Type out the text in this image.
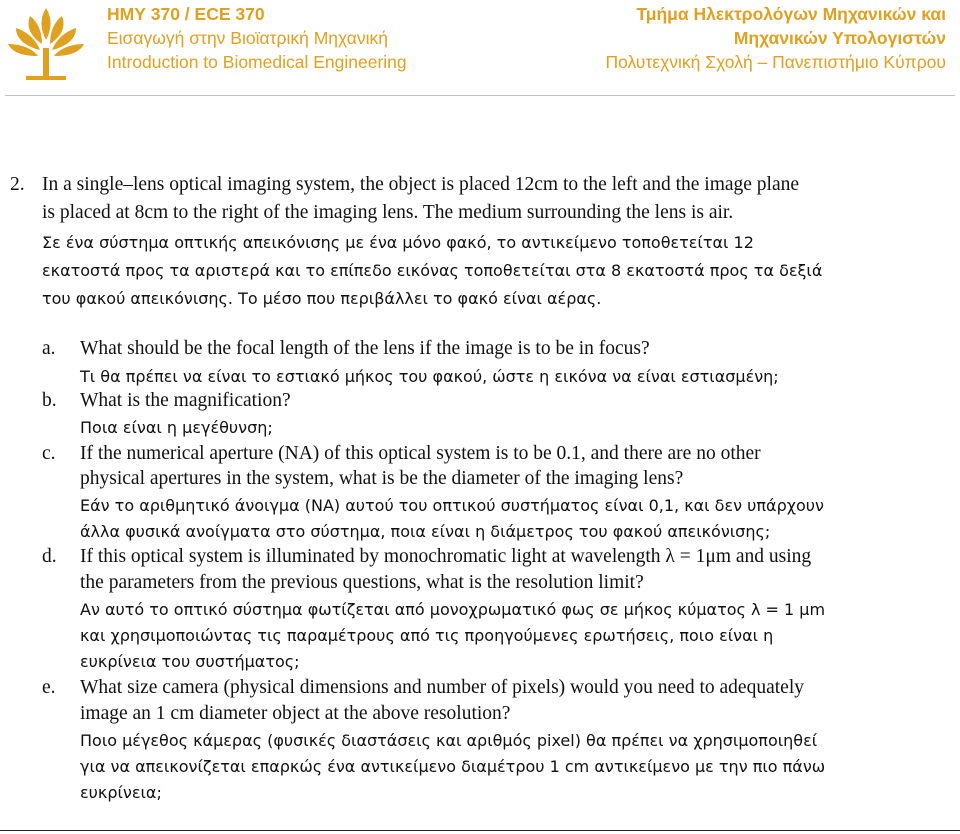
ΗΜΥ 370 / ECE 370
Εισαγωγή στην Βιοϊατρική Μηχανική
Introduction to Biomedical Engineering
Τμήμα Ηλεκτρολόγων Μηχανικών και
Μηχανικών Υπολογιστών
Πολυτεχνική Σχολή – Πανεπιστήμιο Κύπρου
2. In a single–lens optical imaging system, the object is placed 12cm to the left and the image plane
is placed at 8cm to the right of the imaging lens. The medium surrounding the lens is air.
Σε ένα σύστημα οπτικής απεικόνισης με ένα μόνο φακό, το αντικείμενο τοποθετείται 12
εκατοστά προς τα αριστερά και το επίπεδο εικόνας τοποθετείται στα 8 εκατοστά προς τα δεξιά
του φακού απεικόνισης. Το μέσο που περιβάλλει το φακό είναι αέρας.
a. What should be the focal length of the lens if the image is to be in focus?
Τι θα πρέπει να είναι το εστιακό μήκος του φακού, ώστε η εικόνα να είναι εστιασμένη;
b. What is the magnification?
Ποια είναι η μεγέθυνση;
c. If the numerical aperture (NA) of this optical system is to be 0.1, and there are no other
physical apertures in the system, what is be the diameter of the imaging lens?
Εάν το αριθμητικό άνοιγμα (NA) αυτού του οπτικού συστήματος είναι 0,1, και δεν υπάρχουν
άλλα φυσικά ανοίγματα στο σύστημα, ποια είναι η διάμετρος του φακού απεικόνισης;
d. If this optical system is illuminated by monochromatic light at wavelength λ = 1μm and using
the parameters from the previous questions, what is the resolution limit?
Αν αυτό το οπτικό σύστημα φωτίζεται από μονοχρωματικό φως σε μήκος κύματος λ = 1 μm
και χρησιμοποιώντας τις παραμέτρους από τις προηγούμενες ερωτήσεις, ποιο είναι η
ευκρίνεια του συστήματος;
e. What size camera (physical dimensions and number of pixels) would you need to adequately
image an 1 cm diameter object at the above resolution?
Ποιο μέγεθος κάμερας (φυσικές διαστάσεις και αριθμός pixel) θα πρέπει να χρησιμοποιηθεί
για να απεικονίζεται επαρκώς ένα αντικείμενο διαμέτρου 1 cm αντικείμενο με την πιο πάνω
ευκρίνεια;
